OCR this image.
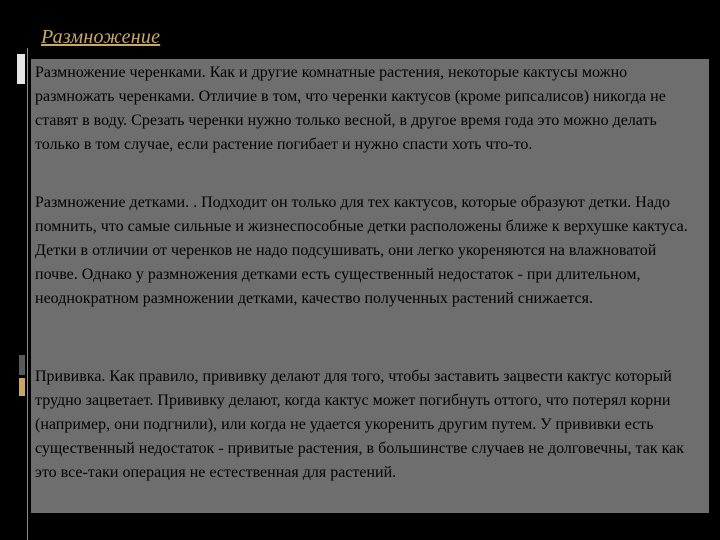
Размножение

Размножение черенками. Как и другие комнатные растения, некоторые кактусы можно размножать черенками. Отличие в том, что черенки кактусов (кроме рипсалисов) никогда не ставят в воду. Срезать черенки нужно только весной, в другое время года это можно делать только в том случае, если растение погибает и нужно спасти хоть что-то.

Размножение детками. . Подходит он только для тех кактусов, которые образуют детки. Надо помнить, что самые сильные и жизнеспособные детки расположены ближе к верхушке кактуса. Детки в отличии от черенков не надо подсушивать, они легко укореняются на влажноватой почве. Однако у размножения детками есть существенный недостаток - при длительном, неоднократном размножении детками, качество полученных растений снижается.

Прививка. Как правило, прививку делают для того, чтобы заставить зацвести кактус который трудно зацветает. Прививку делают, когда кактус может погибнуть оттого, что потерял корни (например, они подгнили), или когда не удается укоренить другим путем. У прививки есть существенный недостаток - привитые растения, в большинстве случаев не долговечны, так как это все-таки операция не естественная для растений.
